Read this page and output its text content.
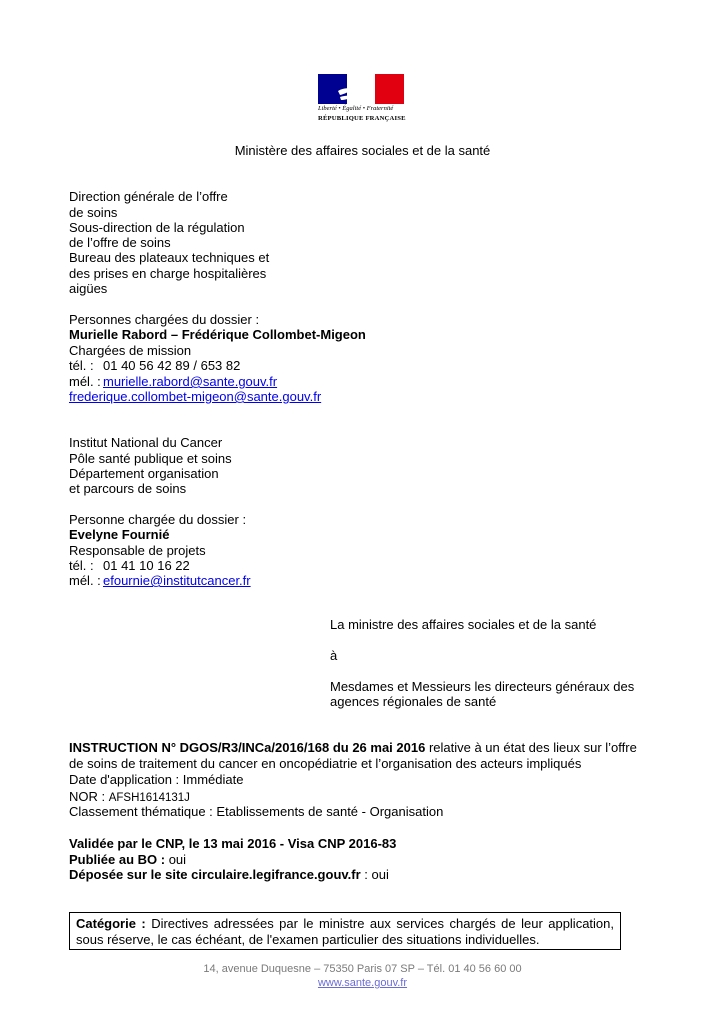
Liberté • Égalité • Fraternité
RÉPUBLIQUE FRANÇAISE
Ministère des affaires sociales et de la santé
Direction générale de l’offre
de soins
Sous-direction de la régulation
de l’offre de soins
Bureau des plateaux techniques et
des prises en charge hospitalières
aigües
Personnes chargées du dossier :
Murielle Rabord – Frédérique Collombet-Migeon
Chargées de mission
tél. : 01 40 56 42 89 / 653 82
mél. : murielle.rabord@sante.gouv.fr
frederique.collombet-migeon@sante.gouv.fr
Institut National du Cancer
Pôle santé publique et soins
Département organisation
et parcours de soins
Personne chargée du dossier :
Evelyne Fournié
Responsable de projets
tél. : 01 41 10 16 22
mél. : efournie@institutcancer.fr
La ministre des affaires sociales et de la santé
à
Mesdames et Messieurs les directeurs généraux des
agences régionales de santé
INSTRUCTION N° DGOS/R3/INCa/2016/168 du 26 mai 2016 relative à un état des lieux sur l’offre
de soins de traitement du cancer en oncopédiatrie et l’organisation des acteurs impliqués
Date d'application : Immédiate
NOR : AFSH1614131J
Classement thématique : Etablissements de santé - Organisation
Validée par le CNP, le 13 mai 2016 - Visa CNP 2016-83
Publiée au BO : oui
Déposée sur le site circulaire.legifrance.gouv.fr : oui
Catégorie : Directives adressées par le ministre aux services chargés de leur application, sous réserve, le cas échéant, de l'examen particulier des situations individuelles.
14, avenue Duquesne – 75350 Paris 07 SP – Tél. 01 40 56 60 00
www.sante.gouv.fr
